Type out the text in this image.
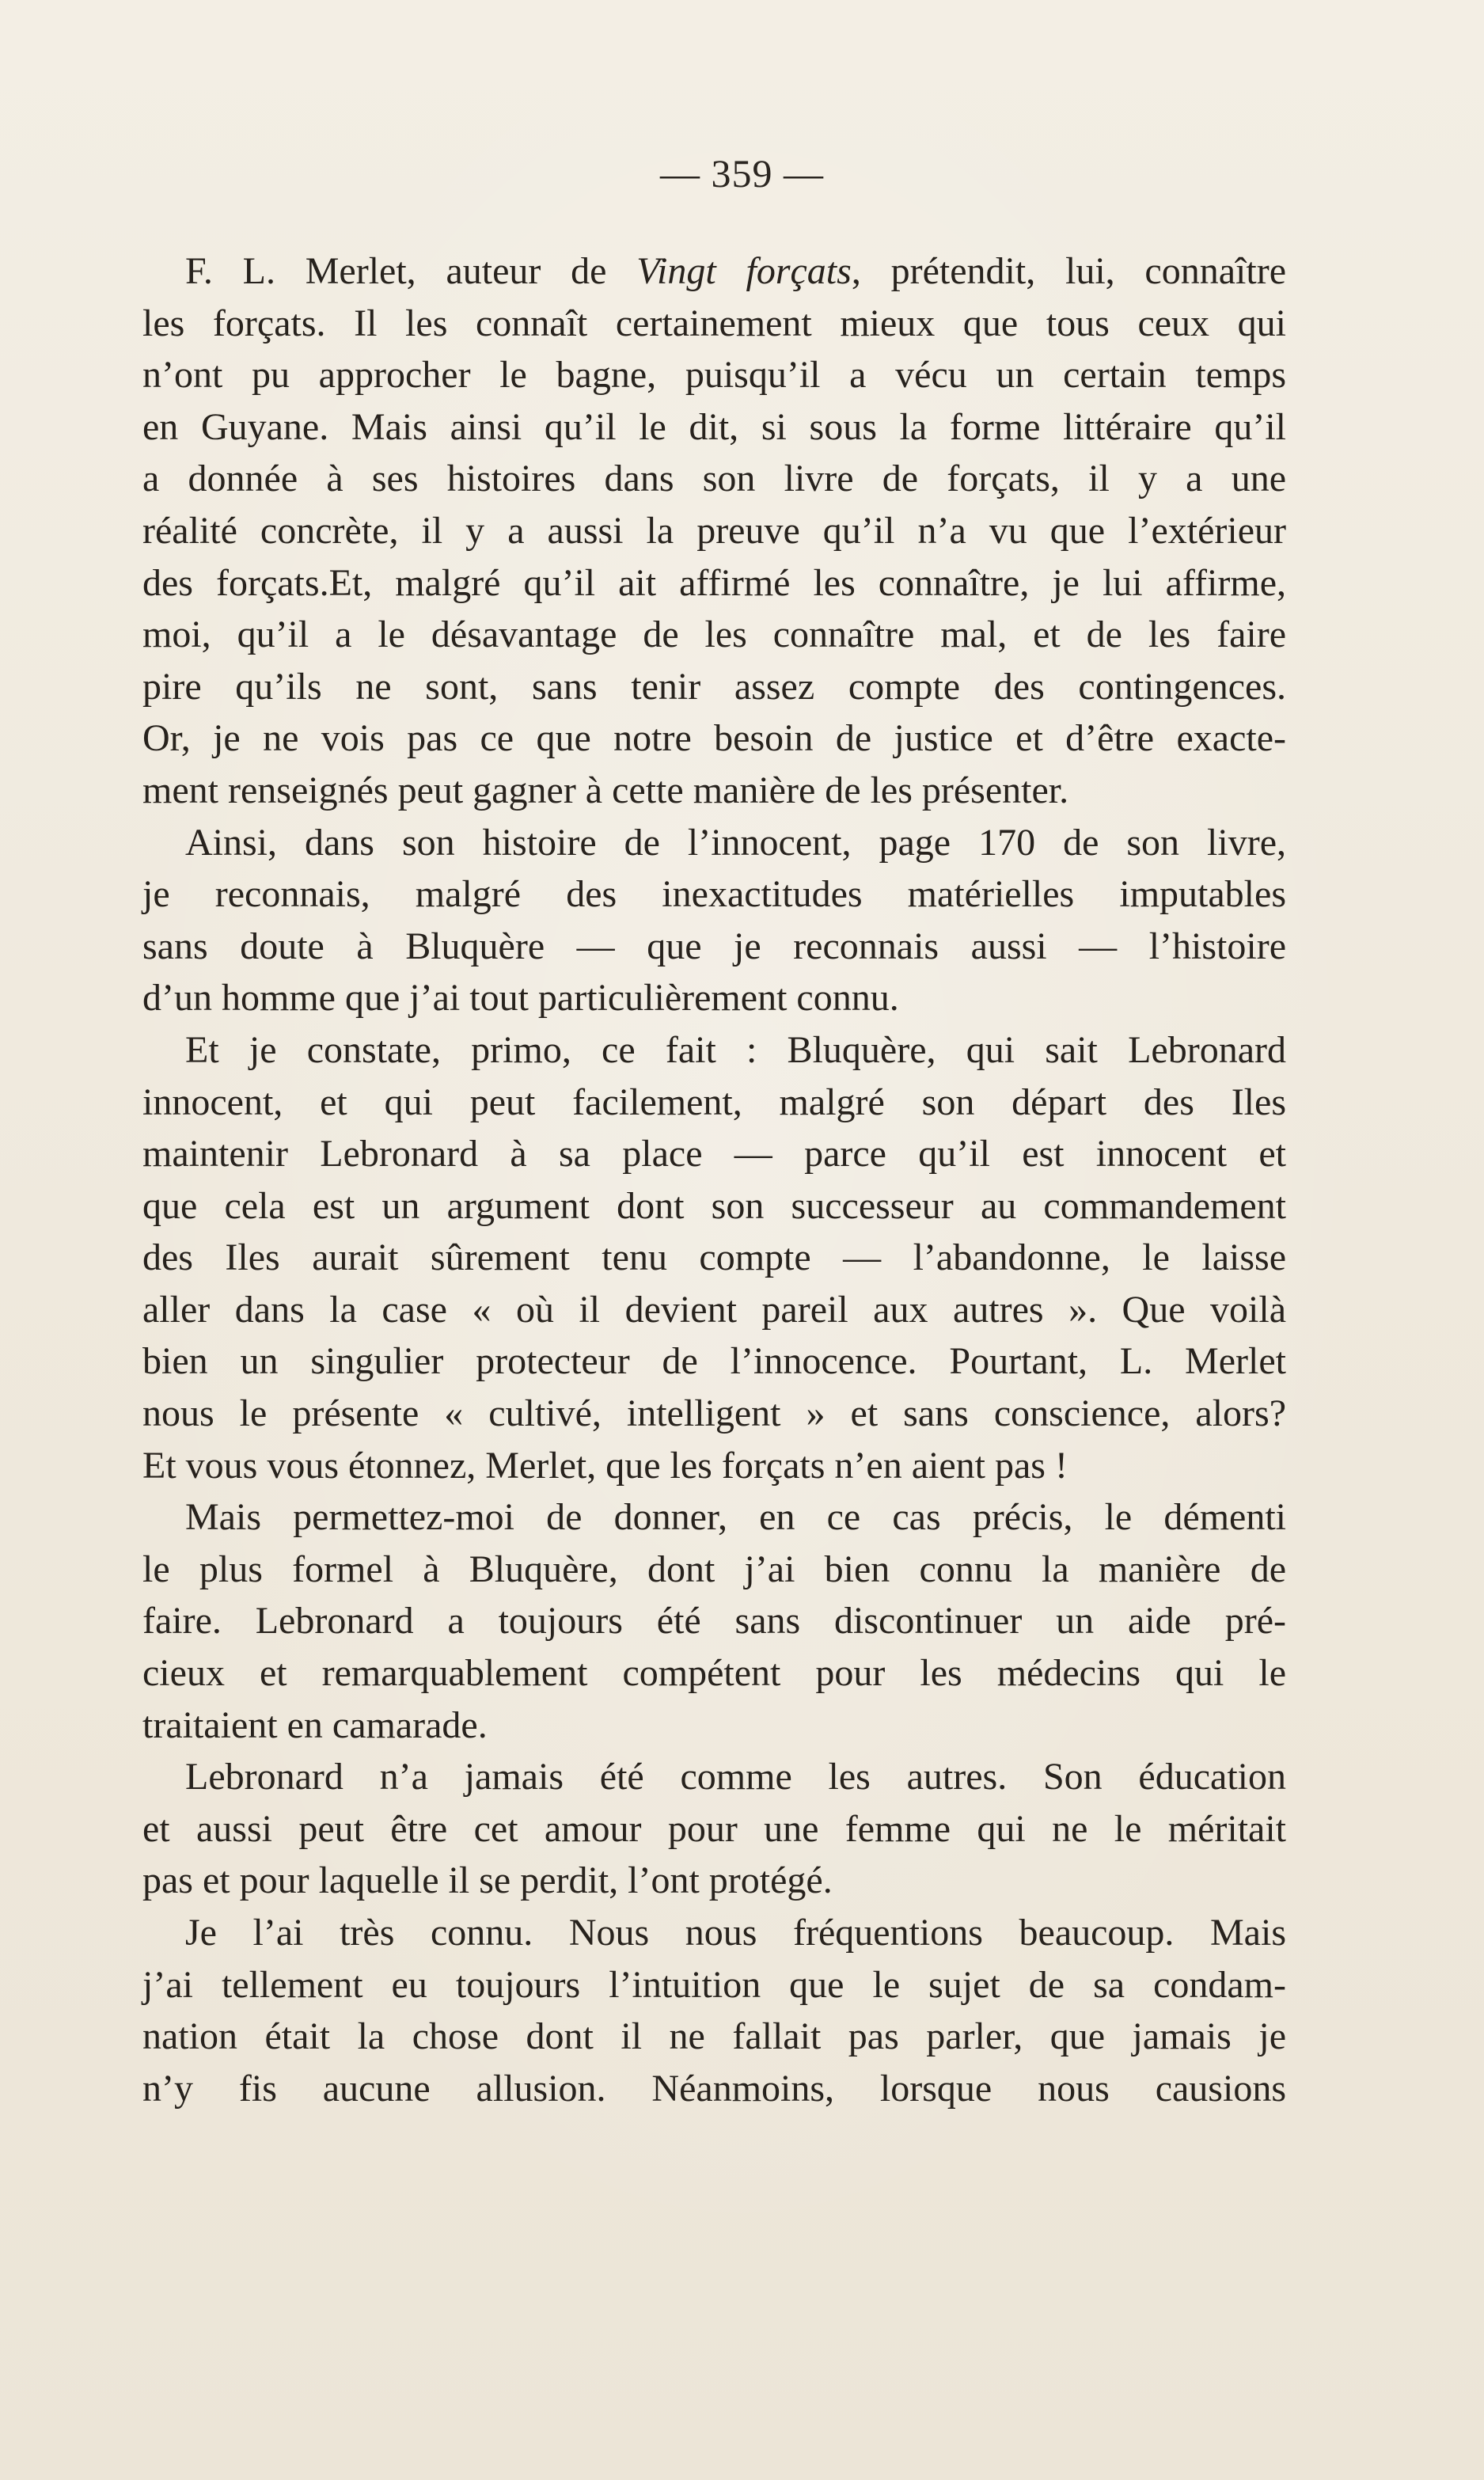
— 359 —
F. L. Merlet, auteur de Vingt forçats, prétendit, lui, connaître
les forçats. Il les connaît certainement mieux que tous ceux qui
n’ont pu approcher le bagne, puisqu’il a vécu un certain temps
en Guyane. Mais ainsi qu’il le dit, si sous la forme littéraire qu’il
a donnée à ses histoires dans son livre de forçats, il y a une
réalité concrète, il y a aussi la preuve qu’il n’a vu que l’extérieur
des forçats.Et, malgré qu’il ait affirmé les connaître, je lui affirme,
moi, qu’il a le désavantage de les connaître mal, et de les faire
pire qu’ils ne sont, sans tenir assez compte des contingences.
Or, je ne vois pas ce que notre besoin de justice et d’être exacte-
ment renseignés peut gagner à cette manière de les présenter.
Ainsi, dans son histoire de l’innocent, page 170 de son livre,
je reconnais, malgré des inexactitudes matérielles imputables
sans doute à Bluquère — que je reconnais aussi — l’histoire
d’un homme que j’ai tout particulièrement connu.
Et je constate, primo, ce fait : Bluquère, qui sait Lebronard
innocent, et qui peut facilement, malgré son départ des Iles
maintenir Lebronard à sa place — parce qu’il est innocent et
que cela est un argument dont son successeur au commandement
des Iles aurait sûrement tenu compte — l’abandonne, le laisse
aller dans la case « où il devient pareil aux autres ». Que voilà
bien un singulier protecteur de l’innocence. Pourtant, L. Merlet
nous le présente « cultivé, intelligent » et sans conscience, alors?
Et vous vous étonnez, Merlet, que les forçats n’en aient pas !
Mais permettez-moi de donner, en ce cas précis, le démenti
le plus formel à Bluquère, dont j’ai bien connu la manière de
faire. Lebronard a toujours été sans discontinuer un aide pré-
cieux et remarquablement compétent pour les médecins qui le
traitaient en camarade.
Lebronard n’a jamais été comme les autres. Son éducation
et aussi peut être cet amour pour une femme qui ne le méritait
pas et pour laquelle il se perdit, l’ont protégé.
Je l’ai très connu. Nous nous fréquentions beaucoup. Mais
j’ai tellement eu toujours l’intuition que le sujet de sa condam-
nation était la chose dont il ne fallait pas parler, que jamais je
n’y fis aucune allusion. Néanmoins, lorsque nous causions
